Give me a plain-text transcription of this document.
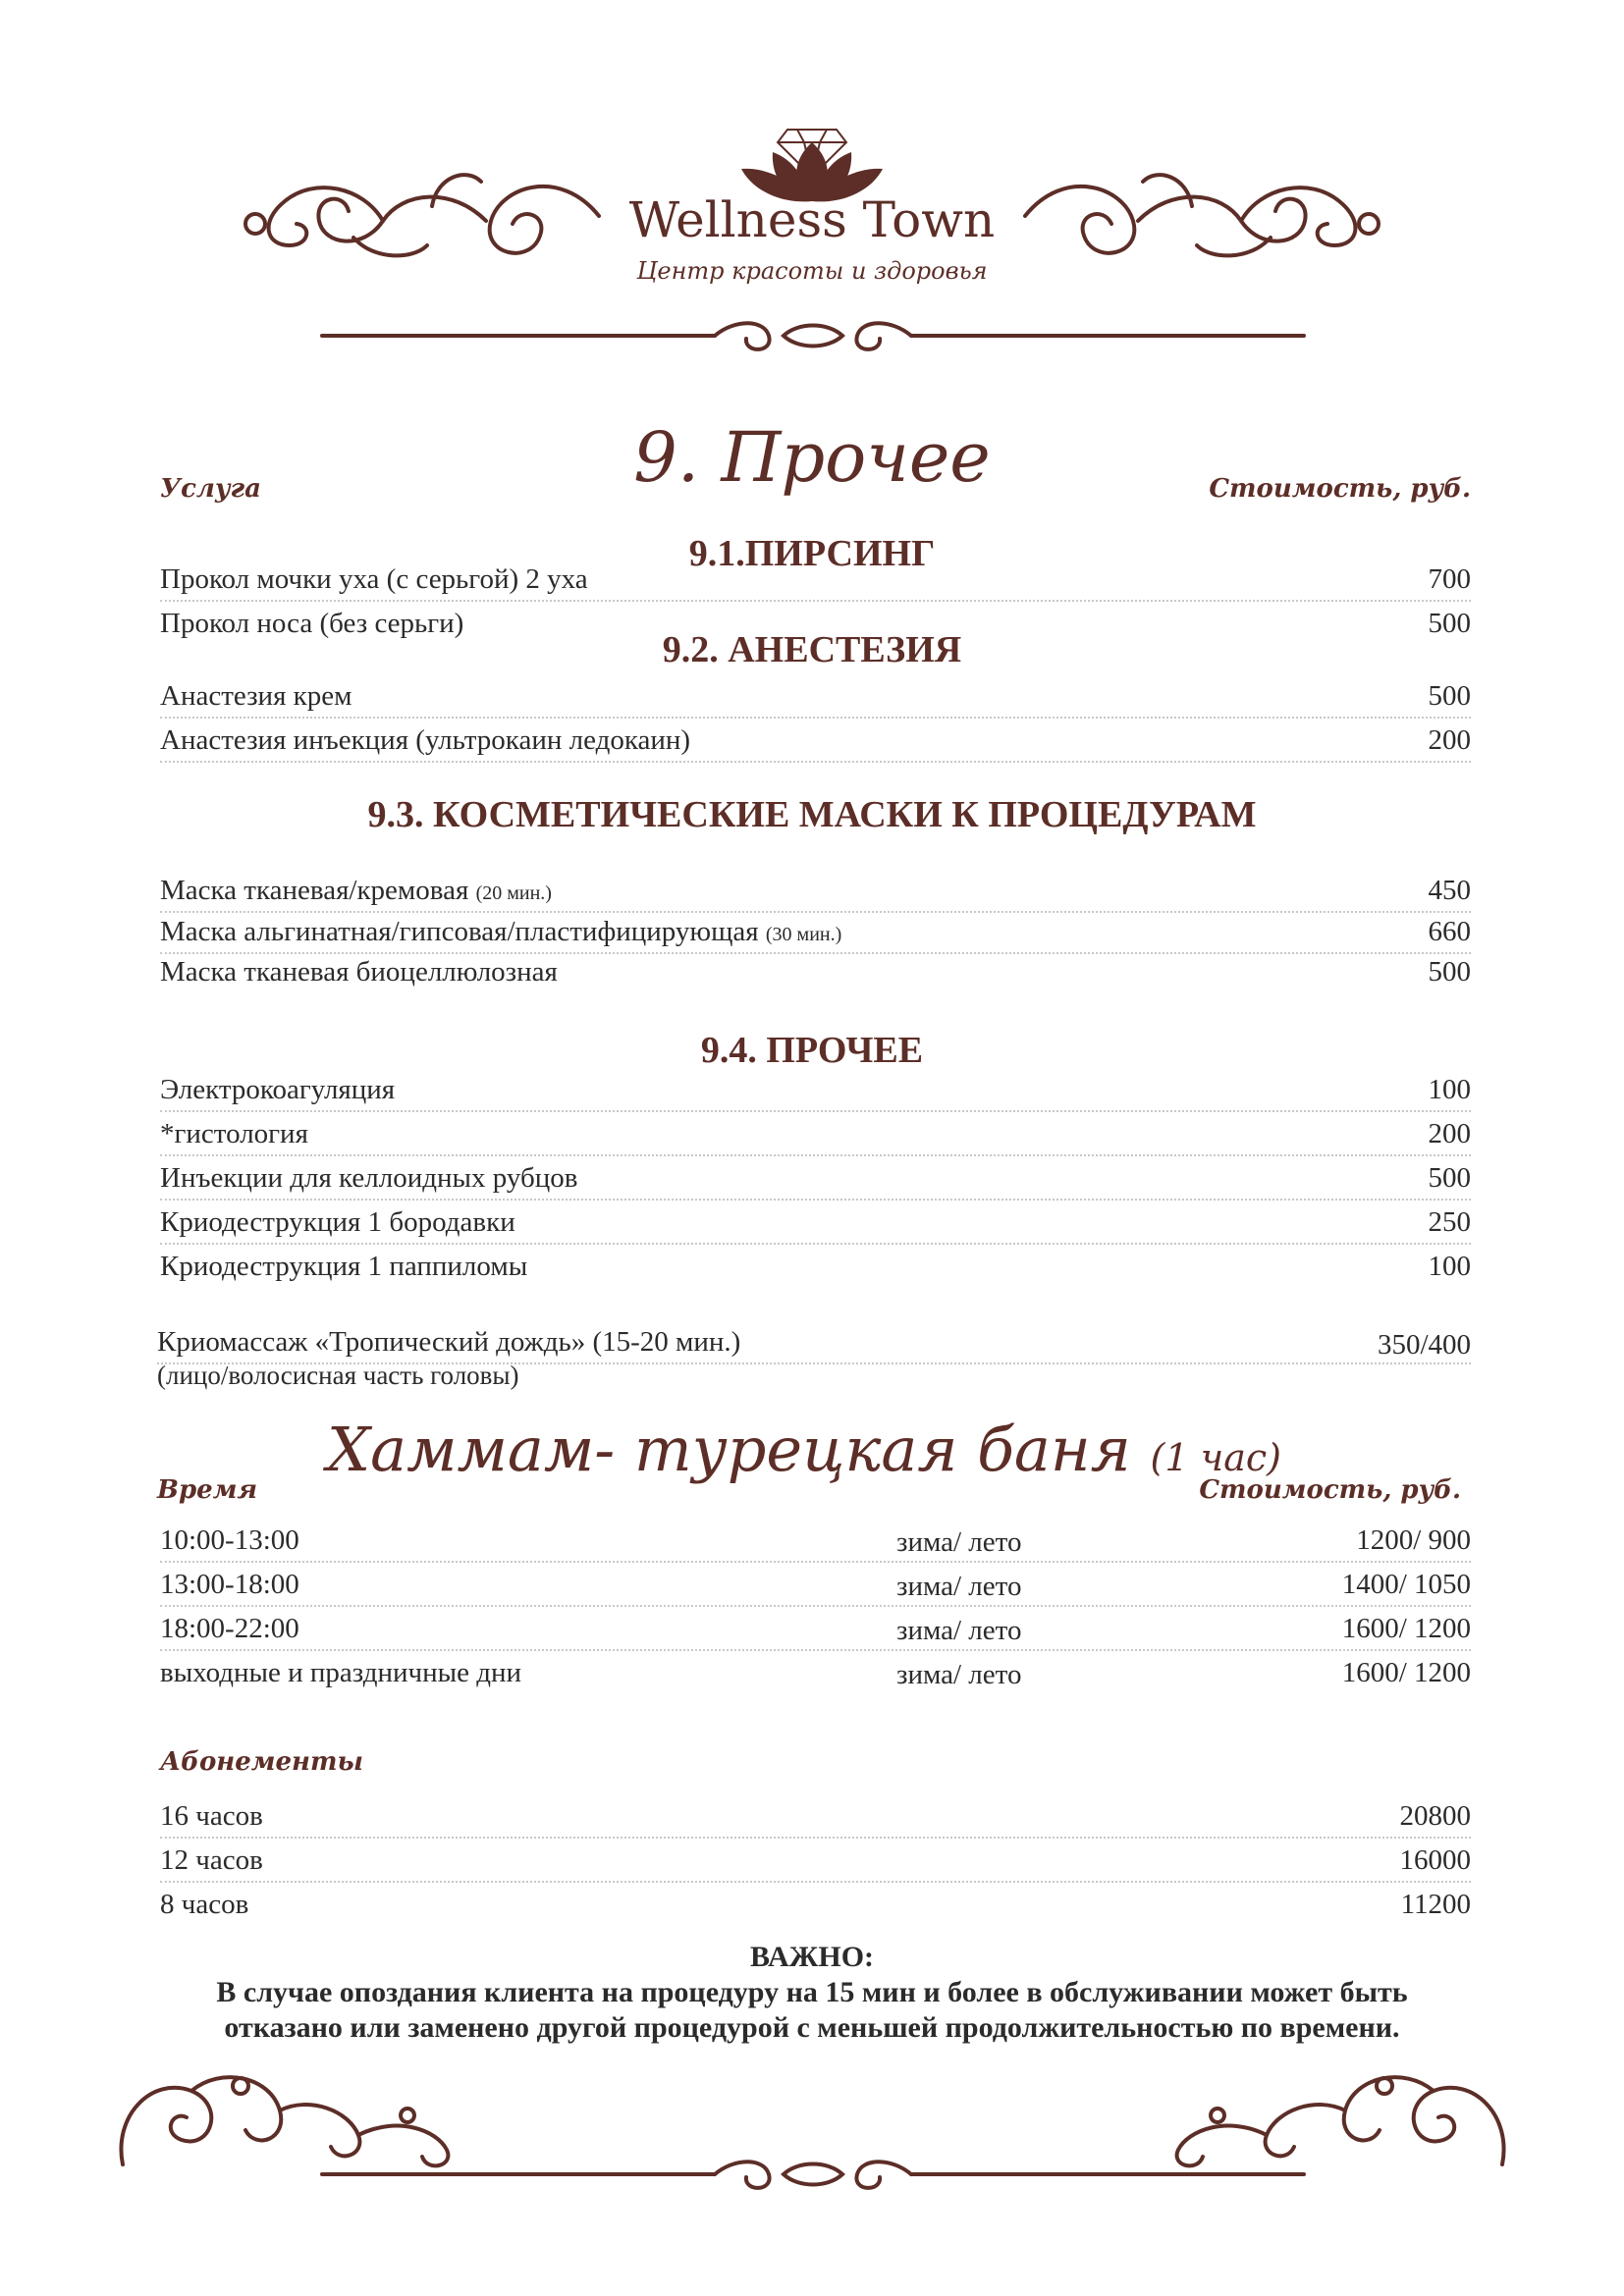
Wellness Town
Центр красоты и здоровья
9. Прочее
Услуга	Стоимость, руб.
9.1.ПИРСИНГ
Прокол мочки уха (с серьгой) 2 уха	700
Прокол носа (без серьги)	500
9.2. АНЕСТЕЗИЯ
Анастезия крем	500
Анастезия инъекция (ультрокаин ледокаин)	200
9.3. КОСМЕТИЧЕСКИЕ МАСКИ К ПРОЦЕДУРАМ
Маска тканевая/кремовая (20 мин.)	450
Маска альгинатная/гипсовая/пластифицирующая (30 мин.)	660
Маска тканевая биоцеллюлозная	500
9.4. ПРОЧЕЕ
Электрокоагуляция	100
*гистология	200
Инъекции для келлоидных рубцов	500
Криодеструкция 1 бородавки	250
Криодеструкция 1 паппиломы	100
Криомассаж «Тропический дождь» (15-20 мин.)	350/400
(лицо/волосисная часть головы)
Хаммам- турецкая баня (1 час)
Время	Стоимость, руб.
10:00-13:00	зима/ лето	1200/ 900
13:00-18:00	зима/ лето	1400/ 1050
18:00-22:00	зима/ лето	1600/ 1200
выходные и праздничные дни	зима/ лето	1600/ 1200
Абонементы
16 часов	20800
12 часов	16000
8 часов	11200
ВАЖНО:
В случае опоздания клиента на процедуру на 15 мин и более в обслуживании может быть
отказано или заменено другой процедурой с меньшей продолжительностью по времени.
